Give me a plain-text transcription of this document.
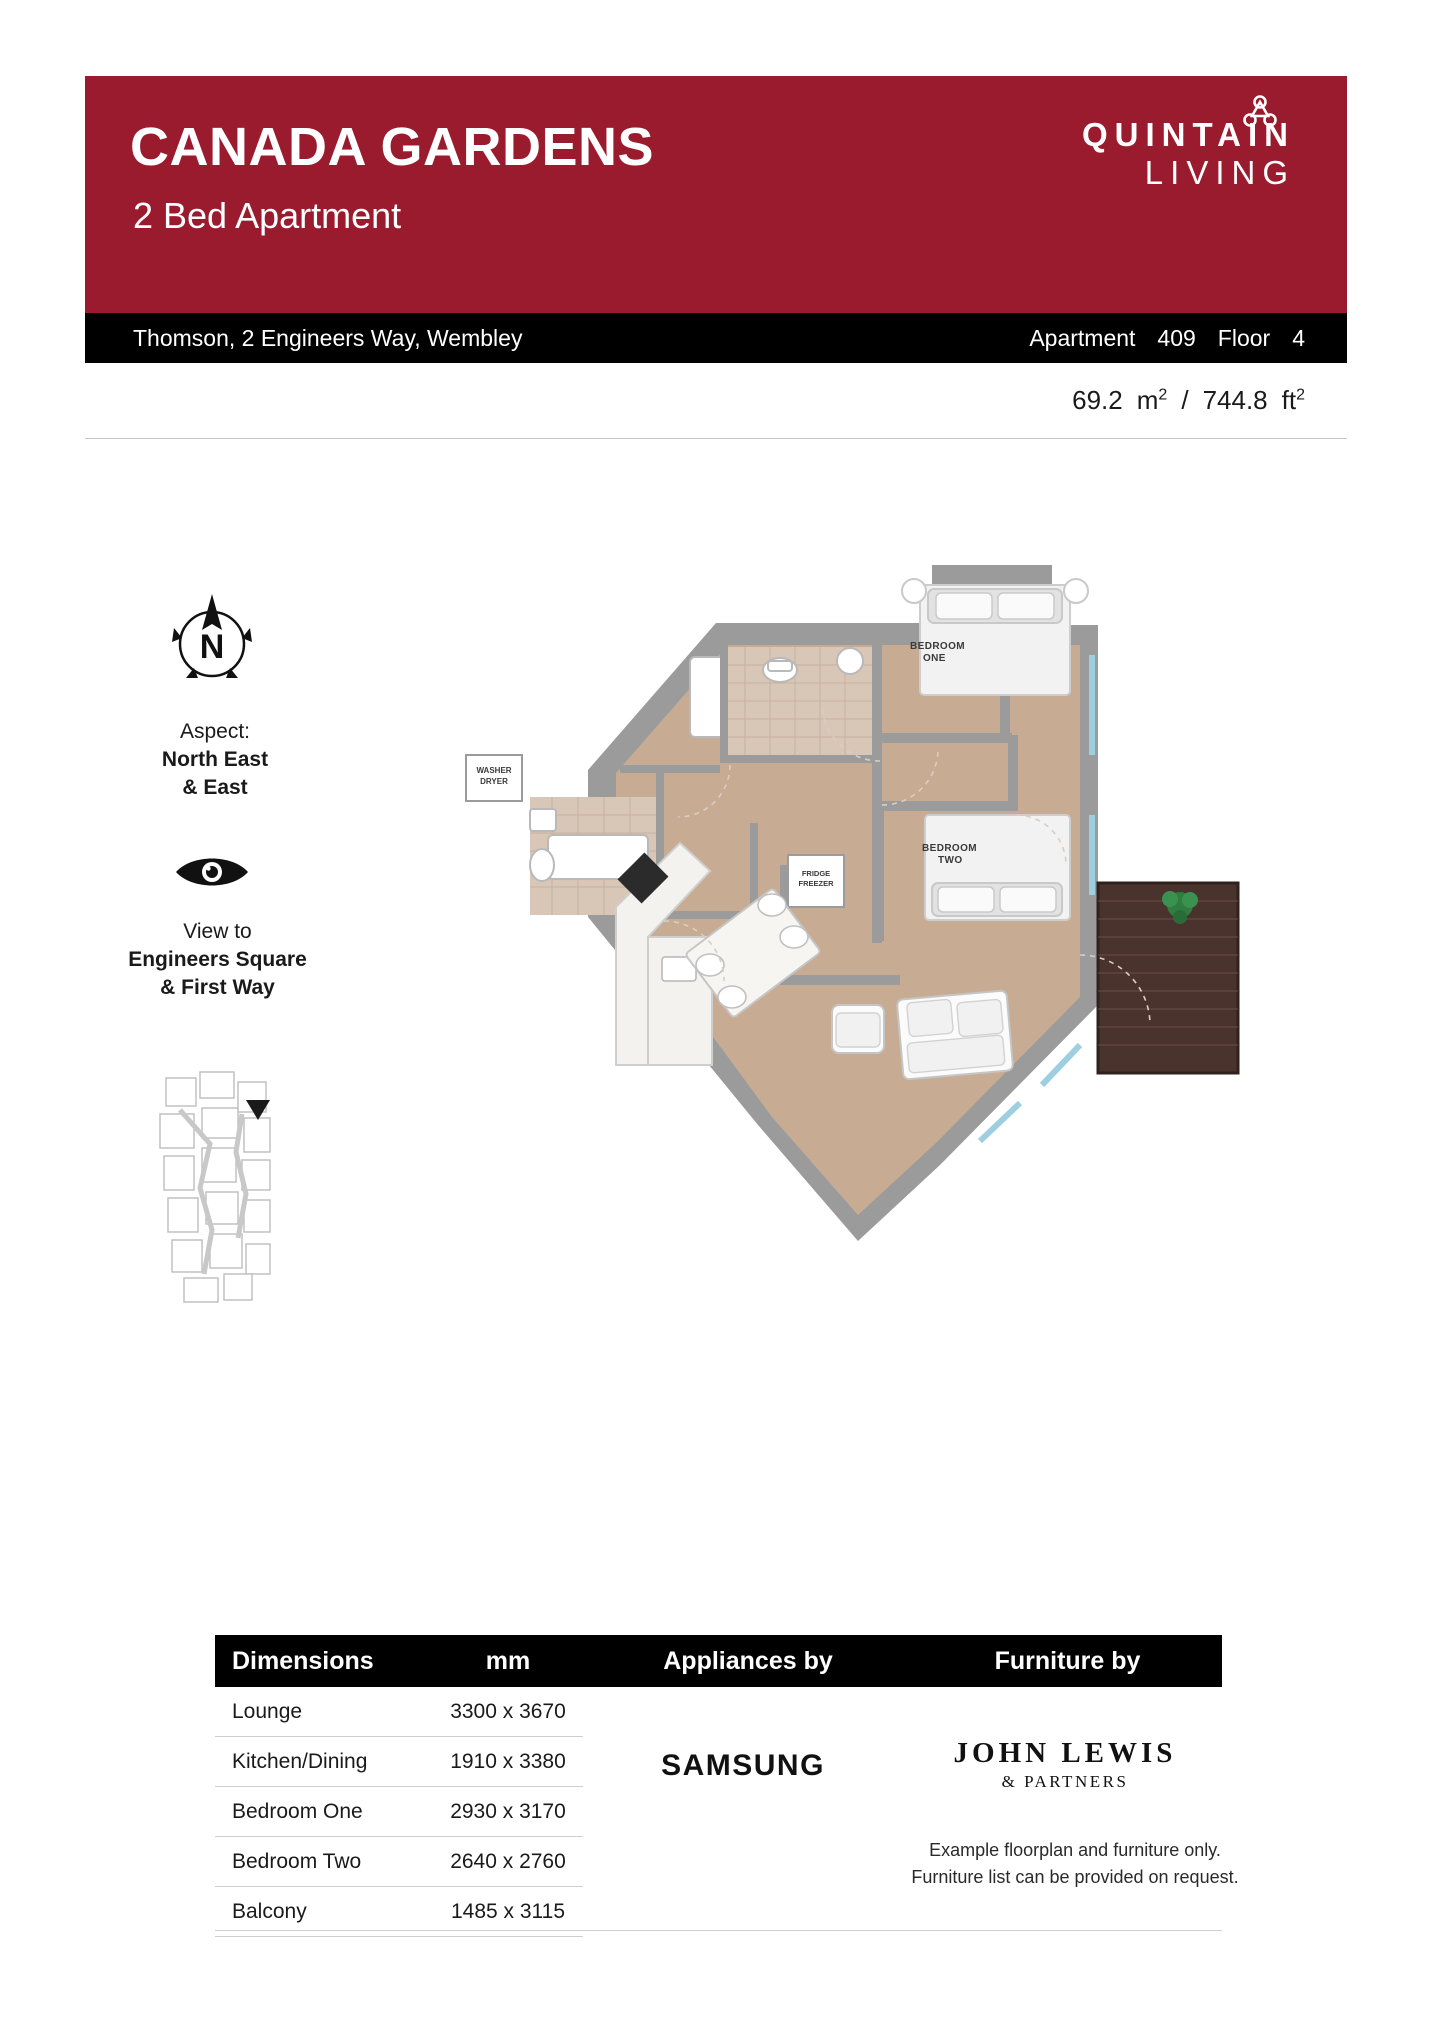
CANADA GARDENS
2 Bed Apartment
QUINTAIN
LIVING
Thomson, 2 Engineers Way, Wembley	Apartment 409 Floor 4
69.2 $m^2 / 744.8$ $ft^2$
N
Aspect:
North East
& East
View to
Engineers Square
& First Way
BEDROOM
ONE
BEDROOM
TWO
WASHER
DRYER
FRIDGE
FREEZER
Dimensions	mm	Appliances by	Furniture by
Lounge	3300 x 3670
Kitchen/Dining	1910 x 3380
Bedroom One	2930 x 3170
Bedroom Two	2640 x 2760
Balcony	1485 x 3115
SAMSUNG	JOHN LEWIS
& PARTNERS
Example floorplan and furniture only.
Furniture list can be provided on request.
